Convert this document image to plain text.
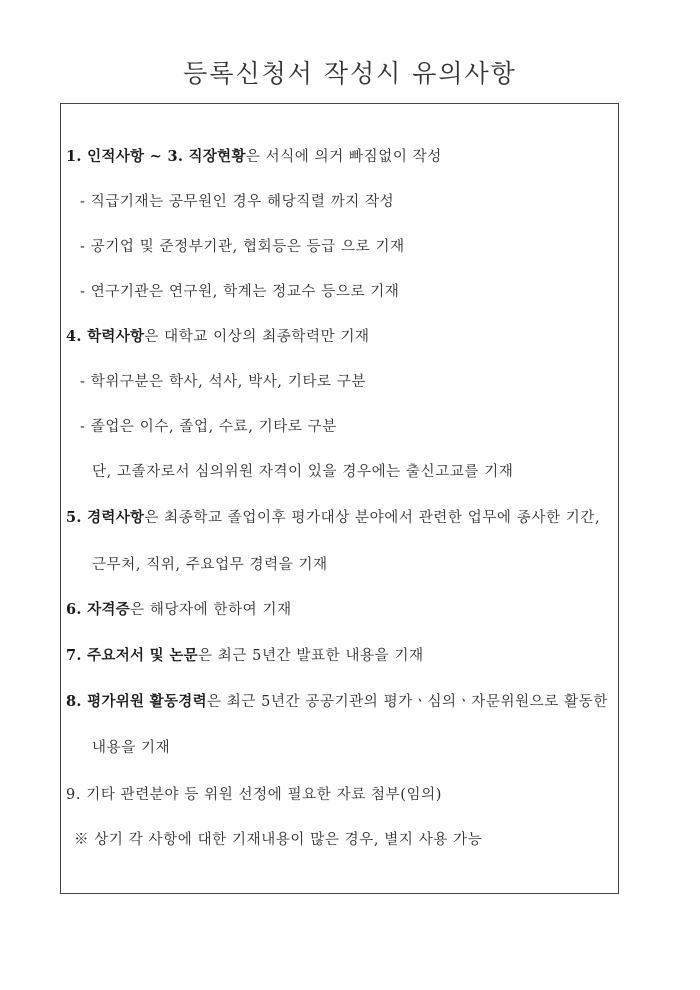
등록신청서 작성시 유의사항
1. 인적사항 ~ 3. 직장현황은 서식에 의거 빠짐없이 작성
- 직급기재는 공무원인 경우 해당직렬 까지 작성
- 공기업 및 준정부기관, 협회등은 등급 으로 기재
- 연구기관은 연구원, 학계는 정교수 등으로 기재
4. 학력사항은 대학교 이상의 최종학력만 기재
- 학위구분은 학사, 석사, 박사, 기타로 구분
- 졸업은 이수, 졸업, 수료, 기타로 구분
단, 고졸자로서 심의위원 자격이 있을 경우에는 출신고교를 기재
5. 경력사항은 최종학교 졸업이후 평가대상 분야에서 관련한 업무에 종사한 기간,
근무처, 직위, 주요업무 경력을 기재
6. 자격증은 해당자에 한하여 기재
7. 주요저서 및 논문은 최근 5년간 발표한 내용을 기재
8. 평가위원 활동경력은 최근 5년간 공공기관의 평가ㆍ심의ㆍ자문위원으로 활동한
내용을 기재
9. 기타 관련분야 등 위원 선정에 필요한 자료 첨부(임의)
※ 상기 각 사항에 대한 기재내용이 많은 경우, 별지 사용 가능
